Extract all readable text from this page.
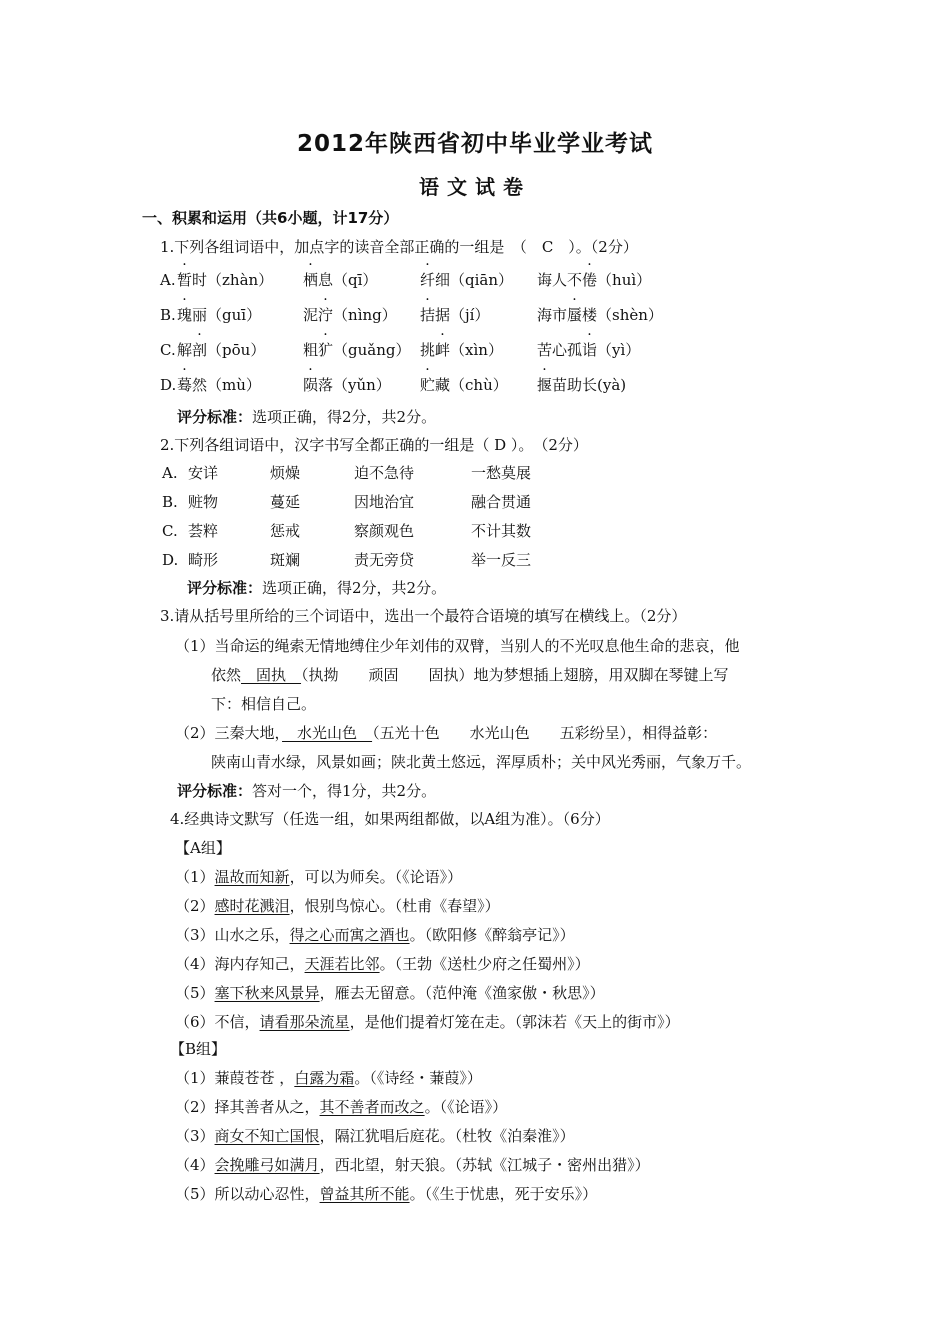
2012年陕西省初中毕业学业考试
语文试卷
一、积累和运用（共6小题，计17分）
1.下列各组词语中，加点字的读音全部正确的一组是　（　C　）。（2分）
A. 暂时（zhàn） 栖息（qī）	纤细（qiān） 诲人不倦（huì）
B. 瑰丽（guī）	泥泞（nìng） 拮据（jí）	海市蜃楼（shèn）
C. 解剖（pōu）	粗犷（guǎng） 挑衅（xìn） 苦心孤诣（yì）
D. 蓦然（mù）	陨落（yǔn） 贮藏（chù） 揠苗助长(yà)
评分标准：选项正确，得2分，共2分。
2.下列各组词语中，汉字书写全都正确的一组是（ D ）。　（2分）
A. 安详	烦燥	迫不急待	一愁莫展
B. 赃物	蔓延	因地治宜	融合贯通
C. 荟粹	惩戒	察颜观色	不计其数
D. 畸形	斑斓	责无旁贷	举一反三
评分标准：选项正确，得2分，共2分。
3.请从括号里所给的三个词语中，选出一个最符合语境的填写在横线上。（2分）
（1）当命运的绳索无情地缚住少年刘伟的双臂，当别人的不光叹息他生命的悲哀，他
依然　固执　（执拗　　顽固　　固执）地为梦想插上翅膀，用双脚在琴键上写
下：相信自己。
（2）三秦大地，　水光山色　（五光十色　　水光山色　　五彩纷呈），相得益彰：
陕南山青水绿，风景如画；陕北黄土悠远，浑厚质朴；关中风光秀丽，气象万千。
评分标准：答对一个，得1分，共2分。
4.经典诗文默写（任选一组，如果两组都做，以A组为准）。（6分）
【A组】
（1）温故而知新，可以为师矣。（《论语》）
（2）感时花溅泪，恨别鸟惊心。（杜甫《春望》）
（3）山水之乐，得之心而寓之酒也。（欧阳修《醉翁亭记》）
（4）海内存知己，天涯若比邻。（王勃《送杜少府之任蜀州》）
（5）塞下秋来风景异，雁去无留意。（范仲淹《渔家傲・秋思》）
（6）不信，请看那朵流星，是他们提着灯笼在走。（郭沫若《天上的街市》）
【B组】
（1）蒹葭苍苍 ，白露为霜。（《诗经・蒹葭》）
（2）择其善者从之，其不善者而改之。（《论语》）
（3）商女不知亡国恨，隔江犹唱后庭花。（杜牧《泊秦淮》）
（4）会挽雕弓如满月，西北望，射天狼。（苏轼《江城子・密州出猎》）
（5）所以动心忍性，曾益其所不能。（《生于忧患，死于安乐》）
